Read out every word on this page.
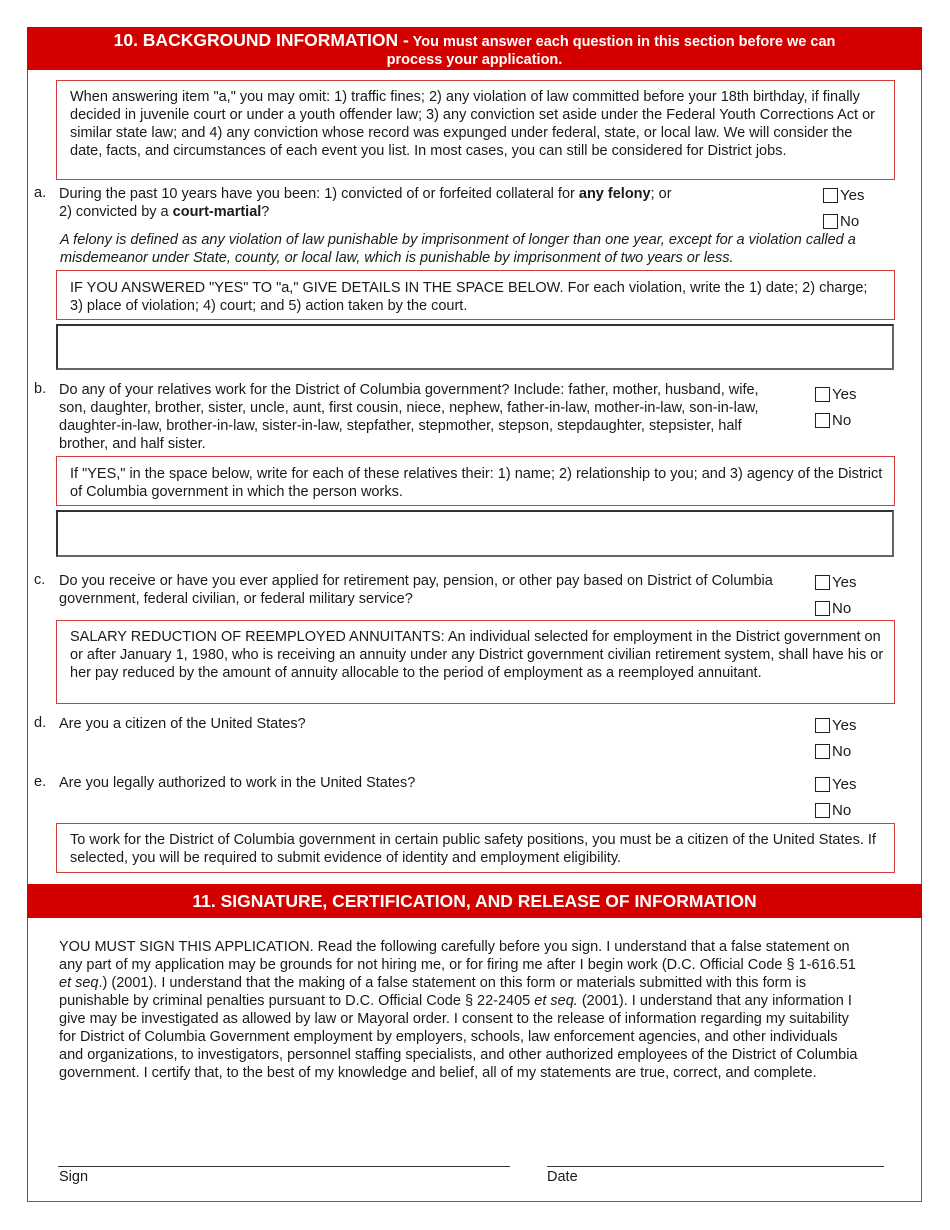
10. BACKGROUND INFORMATION - You must answer each question in this section before we can
process your application.
When answering item "a," you may omit: 1) traffic fines; 2) any violation of law committed before your 18th birthday, if finally decided in juvenile court or under a youth offender law; 3) any conviction set aside under the Federal Youth Corrections Act or similar state law; and 4) any conviction whose record was expunged under federal, state, or local law. We will consider the date, facts, and circumstances of each event you list. In most cases, you can still be considered for District jobs.
a. During the past 10 years have you been: 1) convicted of or forfeited collateral for any felony; or
2) convicted by a court-martial?
Yes
No
A felony is defined as any violation of law punishable by imprisonment of longer than one year, except for a violation called a misdemeanor under State, county, or local law, which is punishable by imprisonment of two years or less.
IF YOU ANSWERED "YES" TO "a," GIVE DETAILS IN THE SPACE BELOW. For each violation, write the 1) date; 2) charge; 3) place of violation; 4) court; and 5) action taken by the court.
b. Do any of your relatives work for the District of Columbia government? Include: father, mother, husband, wife, son, daughter, brother, sister, uncle, aunt, first cousin, niece, nephew, father-in-law, mother-in-law, son-in-law, daughter-in-law, brother-in-law, sister-in-law, stepfather, stepmother, stepson, stepdaughter, stepsister, half brother, and half sister.
Yes
No
If "YES," in the space below, write for each of these relatives their: 1) name; 2) relationship to you; and 3) agency of the District of Columbia government in which the person works.
c. Do you receive or have you ever applied for retirement pay, pension, or other pay based on District of Columbia government, federal civilian, or federal military service?
Yes
No
SALARY REDUCTION OF REEMPLOYED ANNUITANTS: An individual selected for employment in the District government on or after January 1, 1980, who is receiving an annuity under any District government civilian retirement system, shall have his or her pay reduced by the amount of annuity allocable to the period of employment as a reemployed annuitant.
d. Are you a citizen of the United States?	Yes
No
e. Are you legally authorized to work in the United States?	Yes
No
To work for the District of Columbia government in certain public safety positions, you must be a citizen of the United States. If selected, you will be required to submit evidence of identity and employment eligibility.
11. SIGNATURE, CERTIFICATION, AND RELEASE OF INFORMATION
YOU MUST SIGN THIS APPLICATION. Read the following carefully before you sign. I understand that a false statement on any part of my application may be grounds for not hiring me, or for firing me after I begin work (D.C. Official Code § 1-616.51 et seq.) (2001). I understand that the making of a false statement on this form or materials submitted with this form is punishable by criminal penalties pursuant to D.C. Official Code § 22-2405 et seq. (2001). I understand that any information I give may be investigated as allowed by law or Mayoral order. I consent to the release of information regarding my suitability for District of Columbia Government employment by employers, schools, law enforcement agencies, and other individuals and organizations, to investigators, personnel staffing specialists, and other authorized employees of the District of Columbia government. I certify that, to the best of my knowledge and belief, all of my statements are true, correct, and complete.
Sign	Date
